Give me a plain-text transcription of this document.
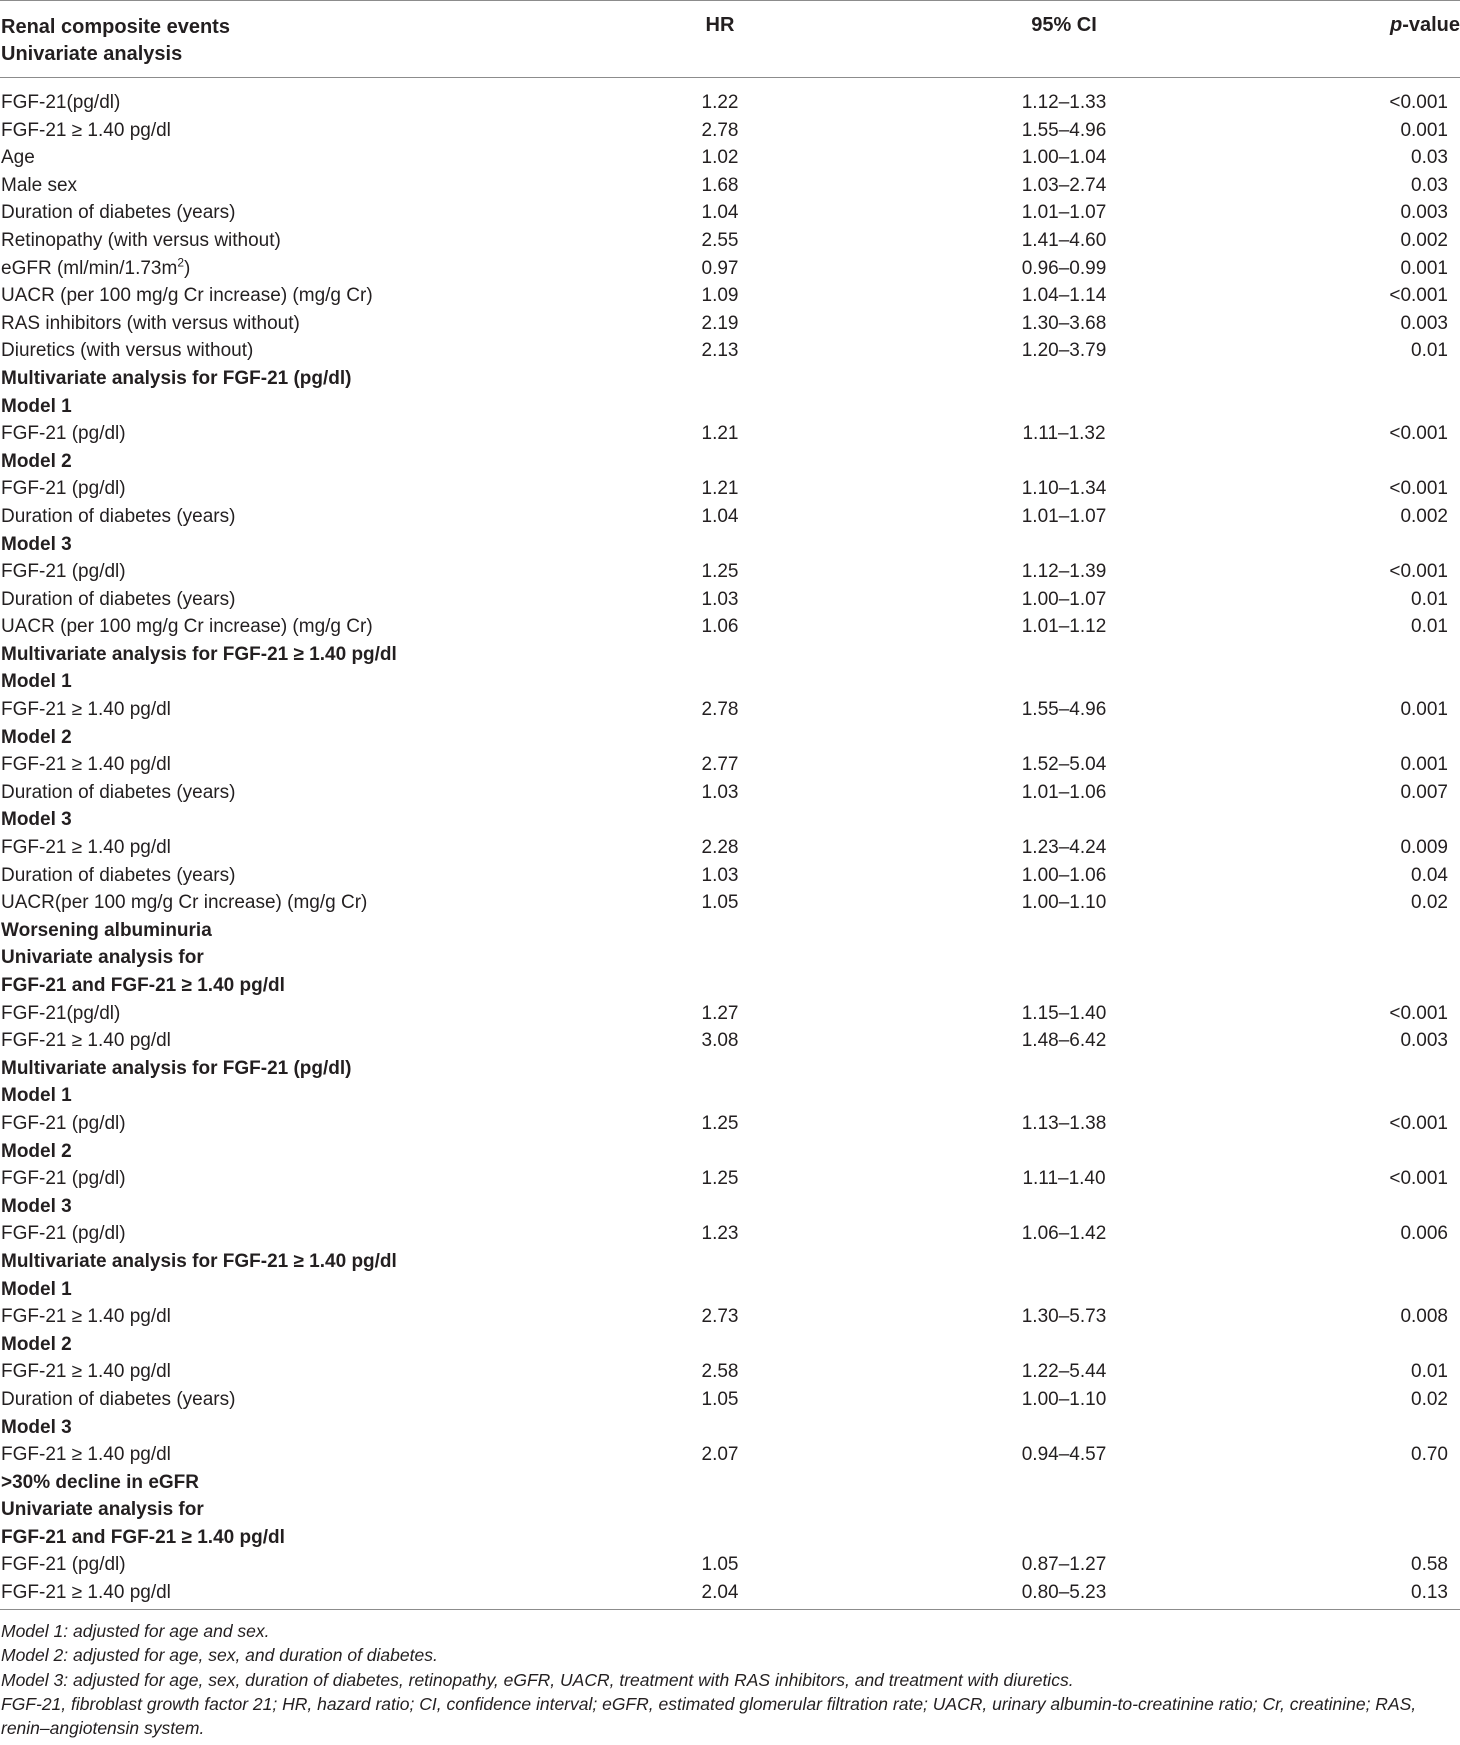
Renal composite events
Univariate analysis
HR	95% CI	p-value
FGF-21(pg/dl)	1.22	1.12–1.33	<0.001
FGF-21 ≥ 1.40 pg/dl	2.78	1.55–4.96	0.001
Age	1.02	1.00–1.04	0.03
Male sex	1.68	1.03–2.74	0.03
Duration of diabetes (years)	1.04	1.01–1.07	0.003
Retinopathy (with versus without)	2.55	1.41–4.60	0.002
eGFR $(ml/\min/1.73m^2)$	0.97	0.96–0.99	0.001
UACR (per 100 mg/g Cr increase) (mg/g Cr)	1.09	1.04–1.14	<0.001
RAS inhibitors (with versus without)	2.19	1.30–3.68	0.003
Diuretics (with versus without)	2.13	1.20–3.79	0.01
Multivariate analysis for FGF-21 (pg/dl)
Model 1
FGF-21 (pg/dl)	1.21	1.11–1.32	<0.001
Model 2
FGF-21 (pg/dl)	1.21	1.10–1.34	<0.001
Duration of diabetes (years)	1.04	1.01–1.07	0.002
Model 3
FGF-21 (pg/dl)	1.25	1.12–1.39	<0.001
Duration of diabetes (years)	1.03	1.00–1.07	0.01
UACR (per 100 mg/g Cr increase) (mg/g Cr)	1.06	1.01–1.12	0.01
Multivariate analysis for FGF-21 ≥ 1.40 pg/dl
Model 1
FGF-21 ≥ 1.40 pg/dl	2.78	1.55–4.96	0.001
Model 2
FGF-21 ≥ 1.40 pg/dl	2.77	1.52–5.04	0.001
Duration of diabetes (years)	1.03	1.01–1.06	0.007
Model 3
FGF-21 ≥ 1.40 pg/dl	2.28	1.23–4.24	0.009
Duration of diabetes (years)	1.03	1.00–1.06	0.04
UACR(per 100 mg/g Cr increase) (mg/g Cr)	1.05	1.00–1.10	0.02
Worsening albuminuria
Univariate analysis for
FGF-21 and FGF-21 ≥ 1.40 pg/dl
FGF-21(pg/dl)	1.27	1.15–1.40	<0.001
FGF-21 ≥ 1.40 pg/dl	3.08	1.48–6.42	0.003
Multivariate analysis for FGF-21 (pg/dl)
Model 1
FGF-21 (pg/dl)	1.25	1.13–1.38	<0.001
Model 2
FGF-21 (pg/dl)	1.25	1.11–1.40	<0.001
Model 3
FGF-21 (pg/dl)	1.23	1.06–1.42	0.006
Multivariate analysis for FGF-21 ≥ 1.40 pg/dl
Model 1
FGF-21 ≥ 1.40 pg/dl	2.73	1.30–5.73	0.008
Model 2
FGF-21 ≥ 1.40 pg/dl	2.58	1.22–5.44	0.01
Duration of diabetes (years)	1.05	1.00–1.10	0.02
Model 3
FGF-21 ≥ 1.40 pg/dl	2.07	0.94–4.57	0.70
>30% decline in eGFR
Univariate analysis for
FGF-21 and FGF-21 ≥ 1.40 pg/dl
FGF-21 (pg/dl)	1.05	0.87–1.27	0.58
FGF-21 ≥ 1.40 pg/dl	2.04	0.80–5.23	0.13

Model 1: adjusted for age and sex.

Model 2: adjusted for age, sex, and duration of diabetes.

Model 3: adjusted for age, sex, duration of diabetes, retinopathy, eGFR, UACR, treatment with RAS inhibitors, and treatment with diuretics.

FGF-21, fibroblast growth factor 21; HR, hazard ratio; CI, confidence interval; eGFR, estimated glomerular filtration rate; UACR, urinary albumin-to-creatinine ratio; Cr, creatinine; RAS, renin–angiotensin system.
